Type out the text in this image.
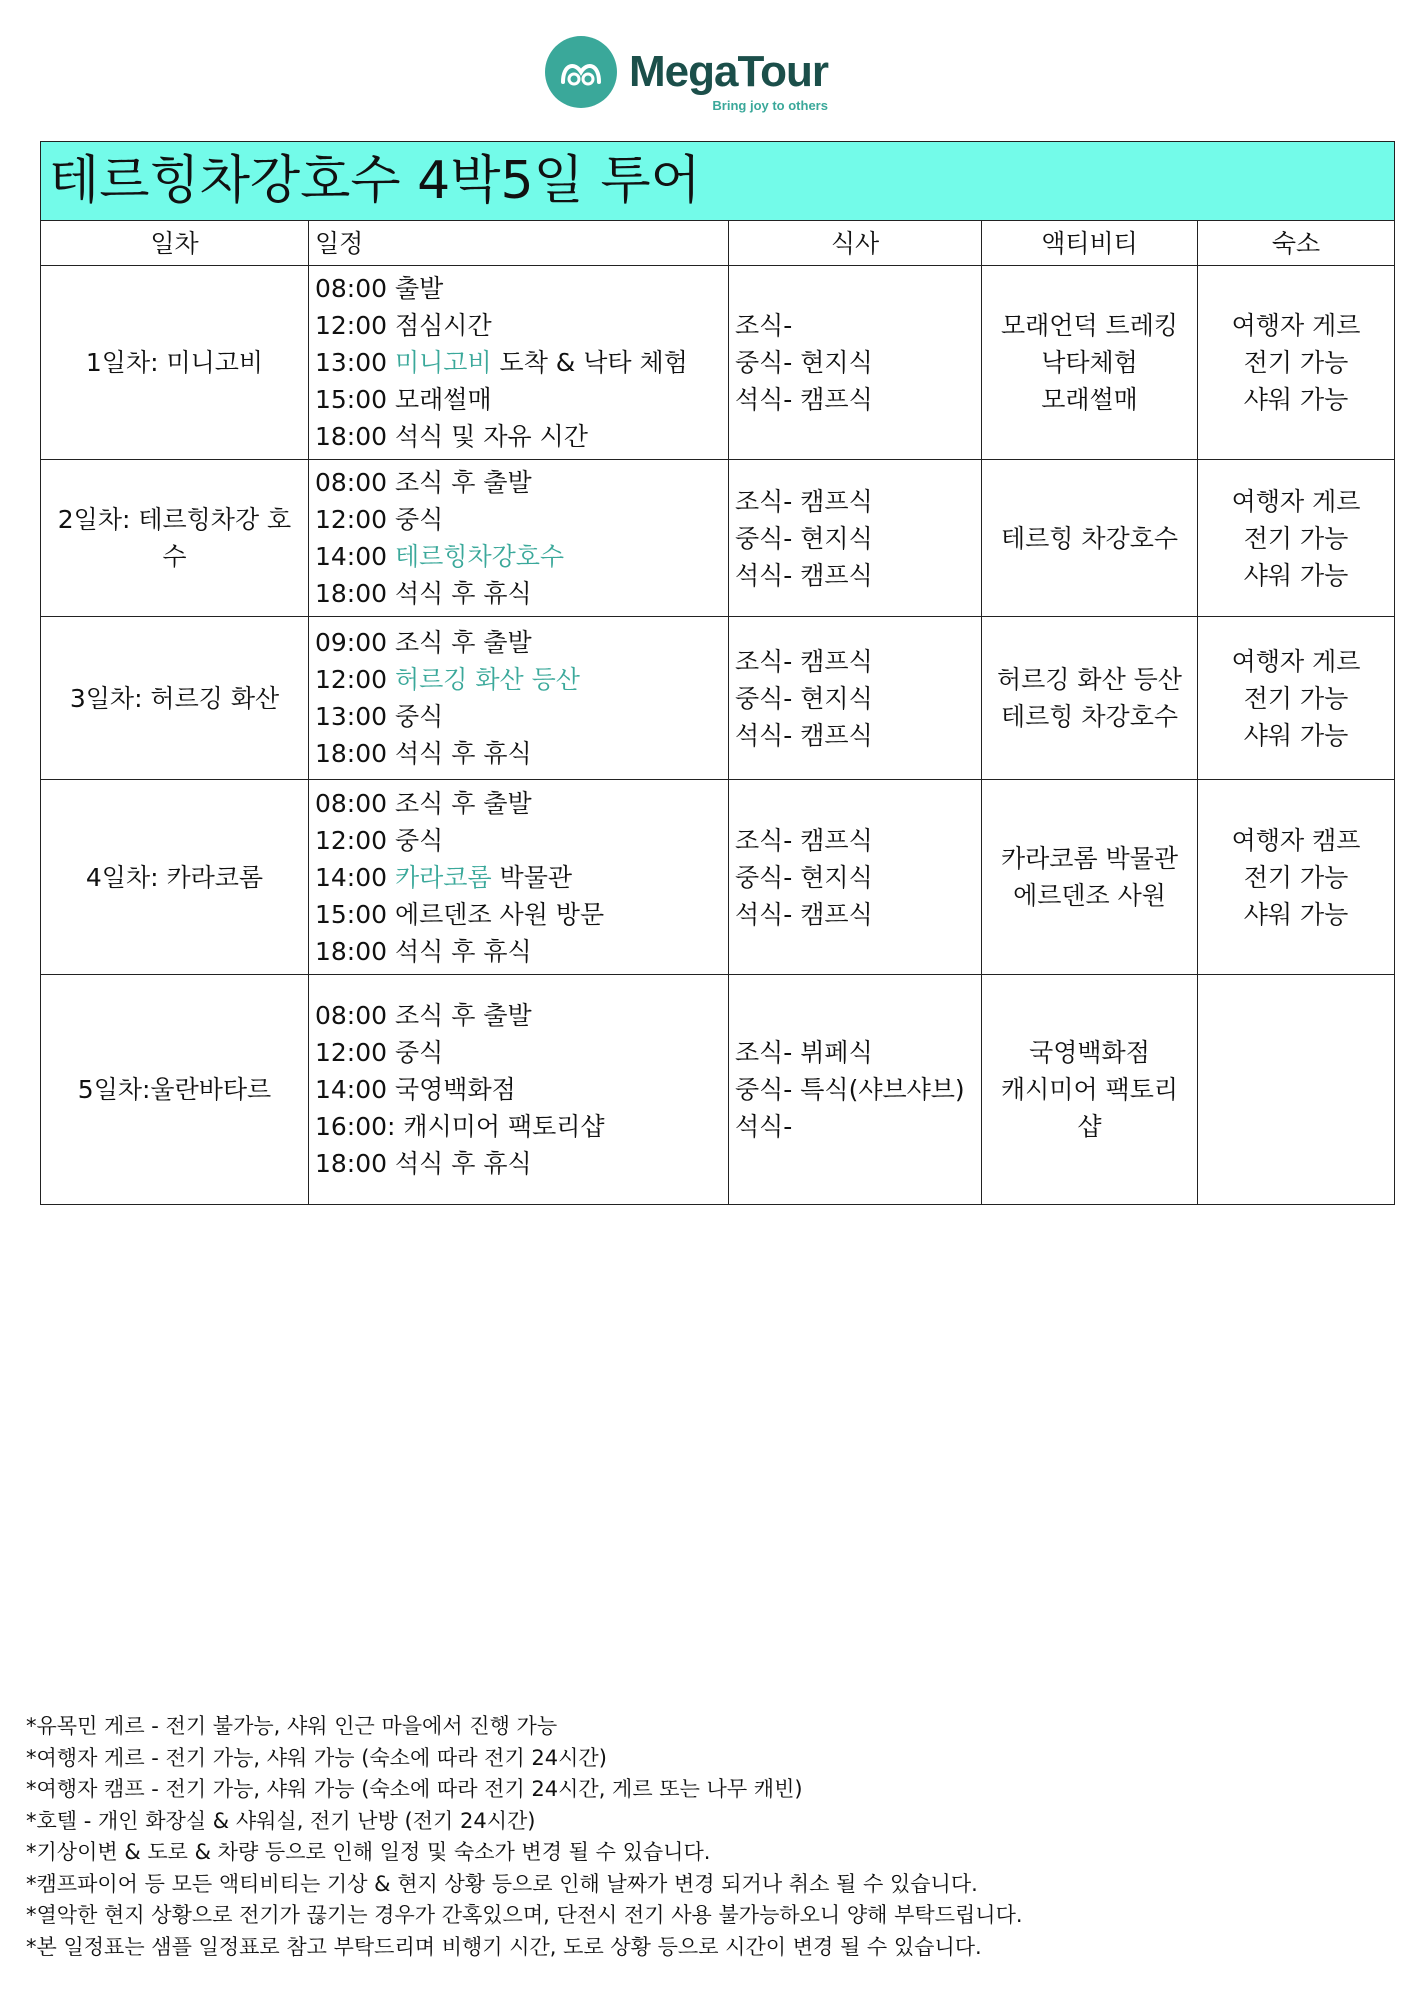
MegaTour
Bring joy to others
테르힝차강호수 4박5일 투어				
일차	일정	식사	액티비티	숙소
1일차: 미니고비	08:00 출발
12:00 점심시간
13:00 미니고비 도착 & 낙타 체험
15:00 모래썰매
18:00 석식 및 자유 시간	조식-
중식- 현지식
석식- 캠프식	모래언덕 트레킹
낙타체험
모래썰매	여행자 게르
전기 가능
샤워 가능

2일차: 테르힝차강 호수	08:00 조식 후 출발
12:00 중식
14:00 테르힝차강호수
18:00 석식 후 휴식	조식- 캠프식
중식- 현지식
석식- 캠프식	테르힝 차강호수	여행자 게르
전기 가능
샤워 가능

3일차: 허르깅 화산	09:00 조식 후 출발
12:00 허르깅 화산 등산
13:00 중식
18:00 석식 후 휴식	조식- 캠프식
중식- 현지식
석식- 캠프식	허르깅 화산 등산
테르힝 차강호수	여행자 게르
전기 가능
샤워 가능

4일차: 카라코롬	08:00 조식 후 출발
12:00 중식
14:00 카라코롬 박물관
15:00 에르덴조 사원 방문
18:00 석식 후 휴식	조식- 캠프식
중식- 현지식
석식- 캠프식	카라코롬 박물관
에르덴조 사원	여행자 캠프
전기 가능
샤워 가능

5일차:울란바타르	08:00 조식 후 출발
12:00 중식
14:00 국영백화점
16:00: 캐시미어 팩토리샵
18:00 석식 후 휴식	조식- 뷔페식
중식- 특식(샤브샤브)
석식-	국영백화점
캐시미어 팩토리
샵	

*유목민 게르 - 전기 불가능, 샤워 인근 마을에서 진행 가능
*여행자 게르 - 전기 가능, 샤워 가능 (숙소에 따라 전기 24시간)
*여행자 캠프 - 전기 가능, 샤워 가능 (숙소에 따라 전기 24시간, 게르 또는 나무 캐빈)
*호텔 - 개인 화장실 & 샤워실, 전기 난방 (전기 24시간)
*기상이변 & 도로 & 차량 등으로 인해 일정 및 숙소가 변경 될 수 있습니다.
*캠프파이어 등 모든 액티비티는 기상 & 현지 상황 등으로 인해 날짜가 변경 되거나 취소 될 수 있습니다.
*열악한 현지 상황으로 전기가 끊기는 경우가 간혹있으며, 단전시 전기 사용 불가능하오니 양해 부탁드립니다.
*본 일정표는 샘플 일정표로 참고 부탁드리며 비행기 시간, 도로 상황 등으로 시간이 변경 될 수 있습니다.
